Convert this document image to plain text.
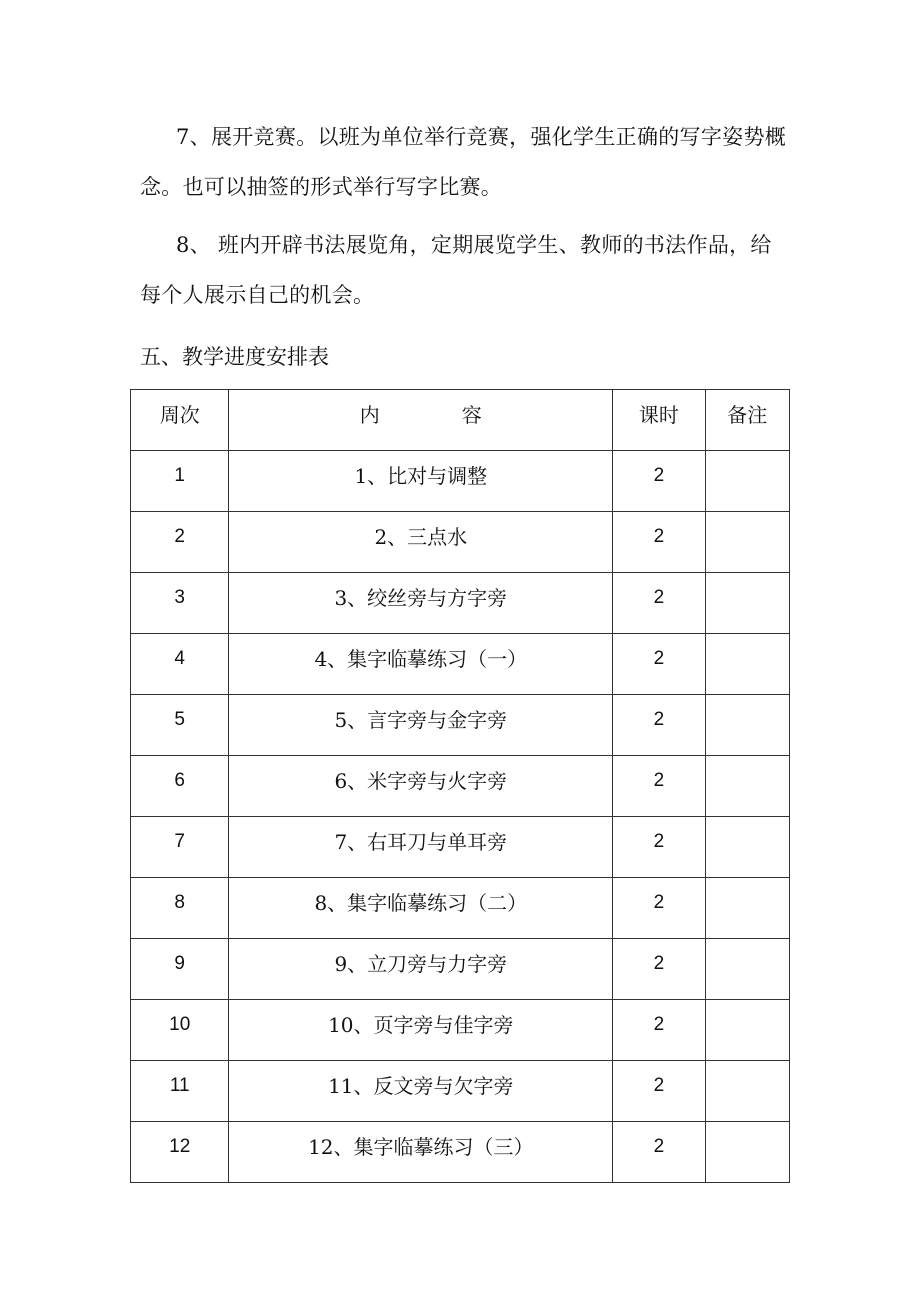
7、展开竞赛。以班为单位举行竞赛，强化学生正确的写字姿势概念。也可以抽签的形式举行写字比赛。

8、 班内开辟书法展览角，定期展览学生、教师的书法作品，给每个人展示自己的机会。

五、教学进度安排表
周次	内 容	课时	备注
1	1、比对与调整	2	
2	2、三点水	2	
3	3、绞丝旁与方字旁	2	
4	4、集字临摹练习（一）	2	
5	5、言字旁与金字旁	2	
6	6、米字旁与火字旁	2	
7	7、右耳刀与单耳旁	2	
8	8、集字临摹练习（二）	2	
9	9、立刀旁与力字旁	2	
10	10、页字旁与佳字旁	2	
11	11、反文旁与欠字旁	2	
12	12、集字临摹练习（三）	2	
